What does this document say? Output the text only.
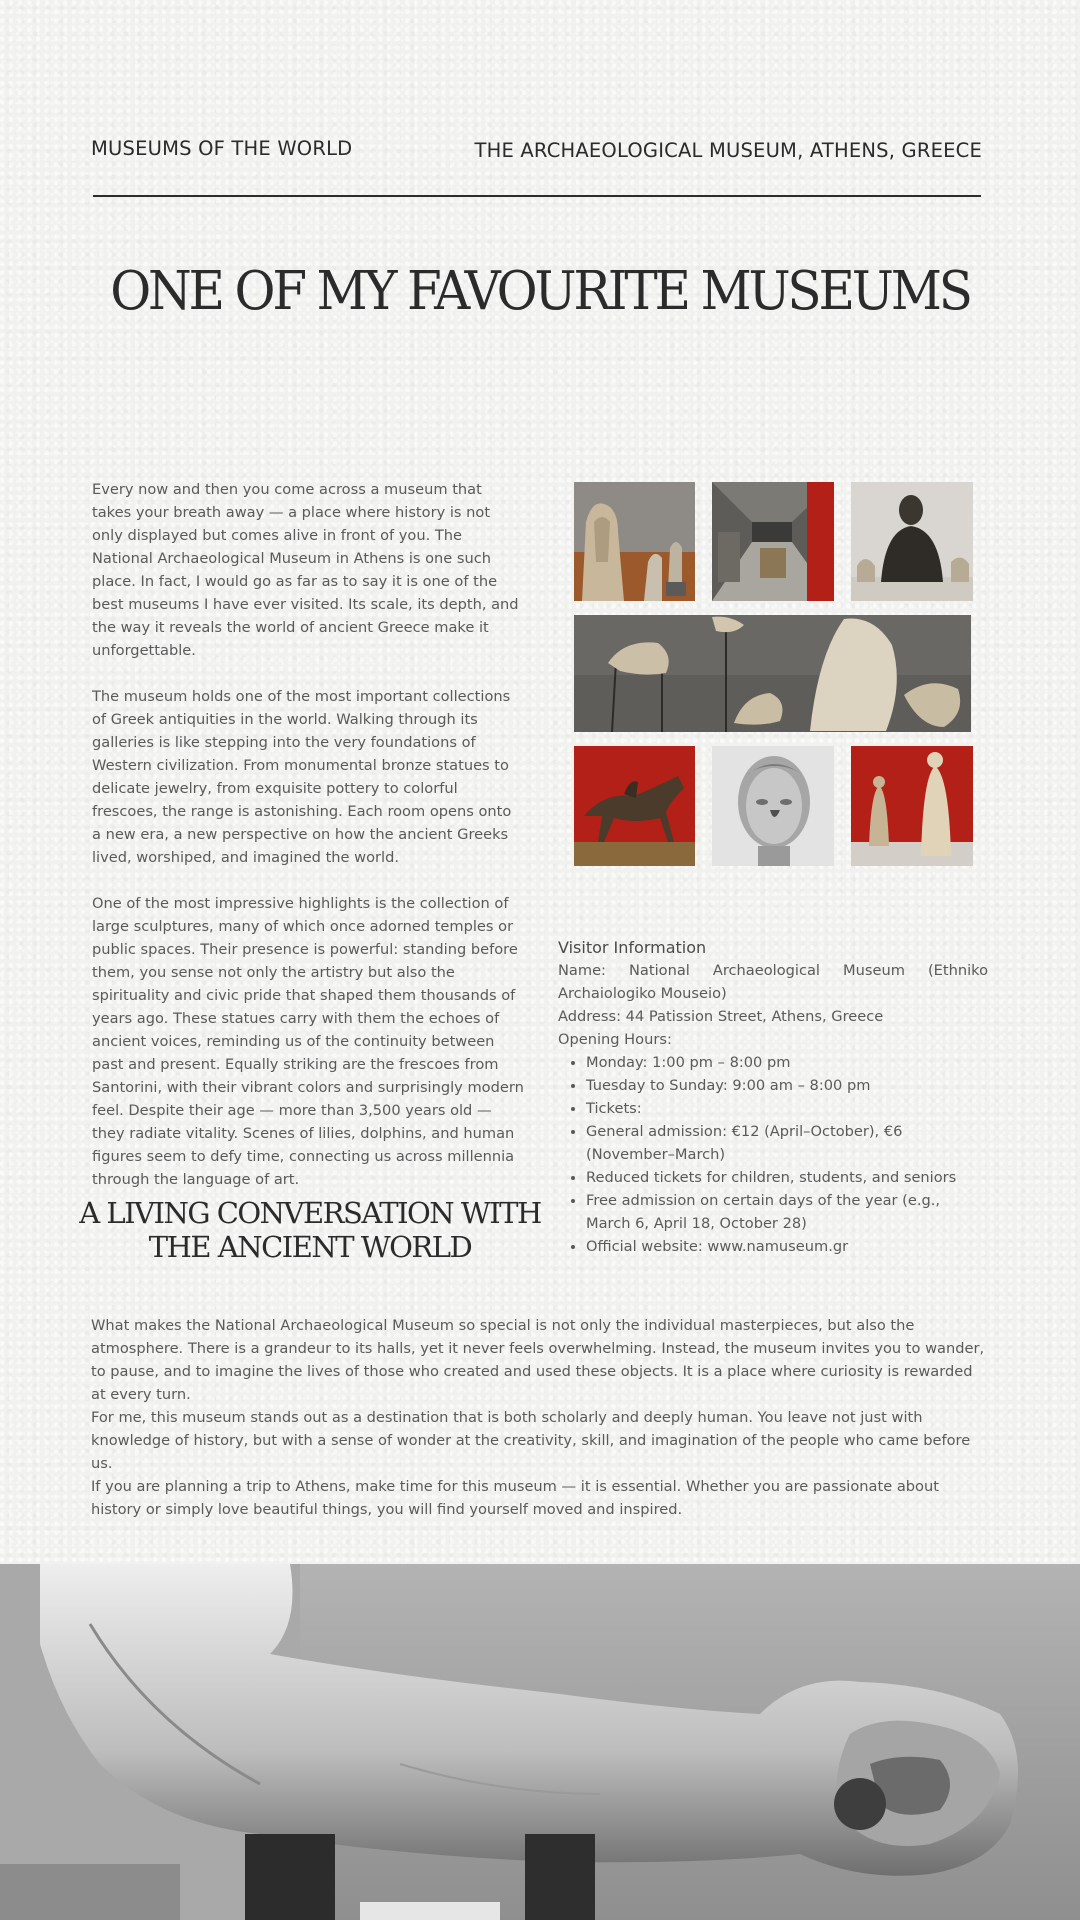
MUSEUMS OF THE WORLD	THE ARCHAEOLOGICAL MUSEUM, ATHENS, GREECE
ONE OF MY FAVOURITE MUSEUMS

Every now and then you come across a museum that takes your breath away — a place where history is not only displayed but comes alive in front of you. The National Archaeological Museum in Athens is one such place. In fact, I would go as far as to say it is one of the best museums I have ever visited. Its scale, its depth, and the way it reveals the world of ancient Greece make it unforgettable.

The museum holds one of the most important collections of Greek antiquities in the world. Walking through its galleries is like stepping into the very foundations of Western civilization. From monumental bronze statues to delicate jewelry, from exquisite pottery to colorful frescoes, the range is astonishing. Each room opens onto a new era, a new perspective on how the ancient Greeks lived, worshiped, and imagined the world.

One of the most impressive highlights is the collection of large sculptures, many of which once adorned temples or public spaces. Their presence is powerful: standing before them, you sense not only the artistry but also the spirituality and civic pride that shaped them thousands of years ago. These statues carry with them the echoes of ancient voices, reminding us of the continuity between past and present. Equally striking are the frescoes from Santorini, with their vibrant colors and surprisingly modern feel. Despite their age — more than 3,500 years old — they radiate vitality. Scenes of lilies, dolphins, and human figures seem to defy time, connecting us across millennia through the language of art.

Visitor Information
Name: National Archaeological Museum (Ethniko Archaiologiko Mouseio)
Address: 44 Patission Street, Athens, Greece
Opening Hours:
• Monday: 1:00 pm – 8:00 pm
• Tuesday to Sunday: 9:00 am – 8:00 pm
• Tickets:
• General admission: €12 (April–October), €6 (November–March)
• Reduced tickets for children, students, and seniors
• Free admission on certain days of the year (e.g., March 6, April 18, October 28)
• Official website: www.namuseum.gr
A LIVING CONVERSATION WITH THE ANCIENT WORLD

What makes the National Archaeological Museum so special is not only the individual masterpieces, but also the atmosphere. There is a grandeur to its halls, yet it never feels overwhelming. Instead, the museum invites you to wander, to pause, and to imagine the lives of those who created and used these objects. It is a place where curiosity is rewarded at every turn.

For me, this museum stands out as a destination that is both scholarly and deeply human. You leave not just with knowledge of history, but with a sense of wonder at the creativity, skill, and imagination of the people who came before us.

If you are planning a trip to Athens, make time for this museum — it is essential. Whether you are passionate about history or simply love beautiful things, you will find yourself moved and inspired.
